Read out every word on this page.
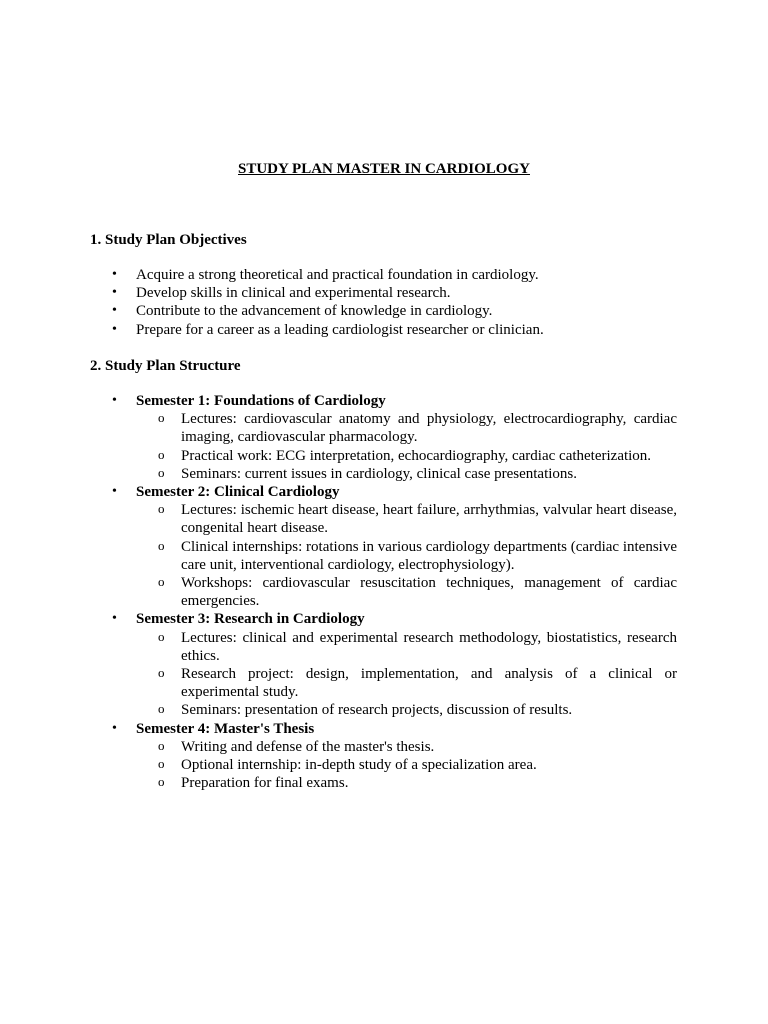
STUDY PLAN MASTER IN CARDIOLOGY
1. Study Plan Objectives
• Acquire a strong theoretical and practical foundation in cardiology.
• Develop skills in clinical and experimental research.
• Contribute to the advancement of knowledge in cardiology.
• Prepare for a career as a leading cardiologist researcher or clinician.
2. Study Plan Structure
• Semester 1: Foundations of Cardiology
o Lectures: cardiovascular anatomy and physiology, electrocardiography, cardiac imaging, cardiovascular pharmacology.
o Practical work: ECG interpretation, echocardiography, cardiac catheterization.
o Seminars: current issues in cardiology, clinical case presentations.
• Semester 2: Clinical Cardiology
o Lectures: ischemic heart disease, heart failure, arrhythmias, valvular heart disease, congenital heart disease.
o Clinical internships: rotations in various cardiology departments (cardiac intensive care unit, interventional cardiology, electrophysiology).
o Workshops: cardiovascular resuscitation techniques, management of cardiac emergencies.
• Semester 3: Research in Cardiology
o Lectures: clinical and experimental research methodology, biostatistics, research ethics.
o Research project: design, implementation, and analysis of a clinical or experimental study.
o Seminars: presentation of research projects, discussion of results.
• Semester 4: Master's Thesis
o Writing and defense of the master's thesis.
o Optional internship: in-depth study of a specialization area.
o Preparation for final exams.
